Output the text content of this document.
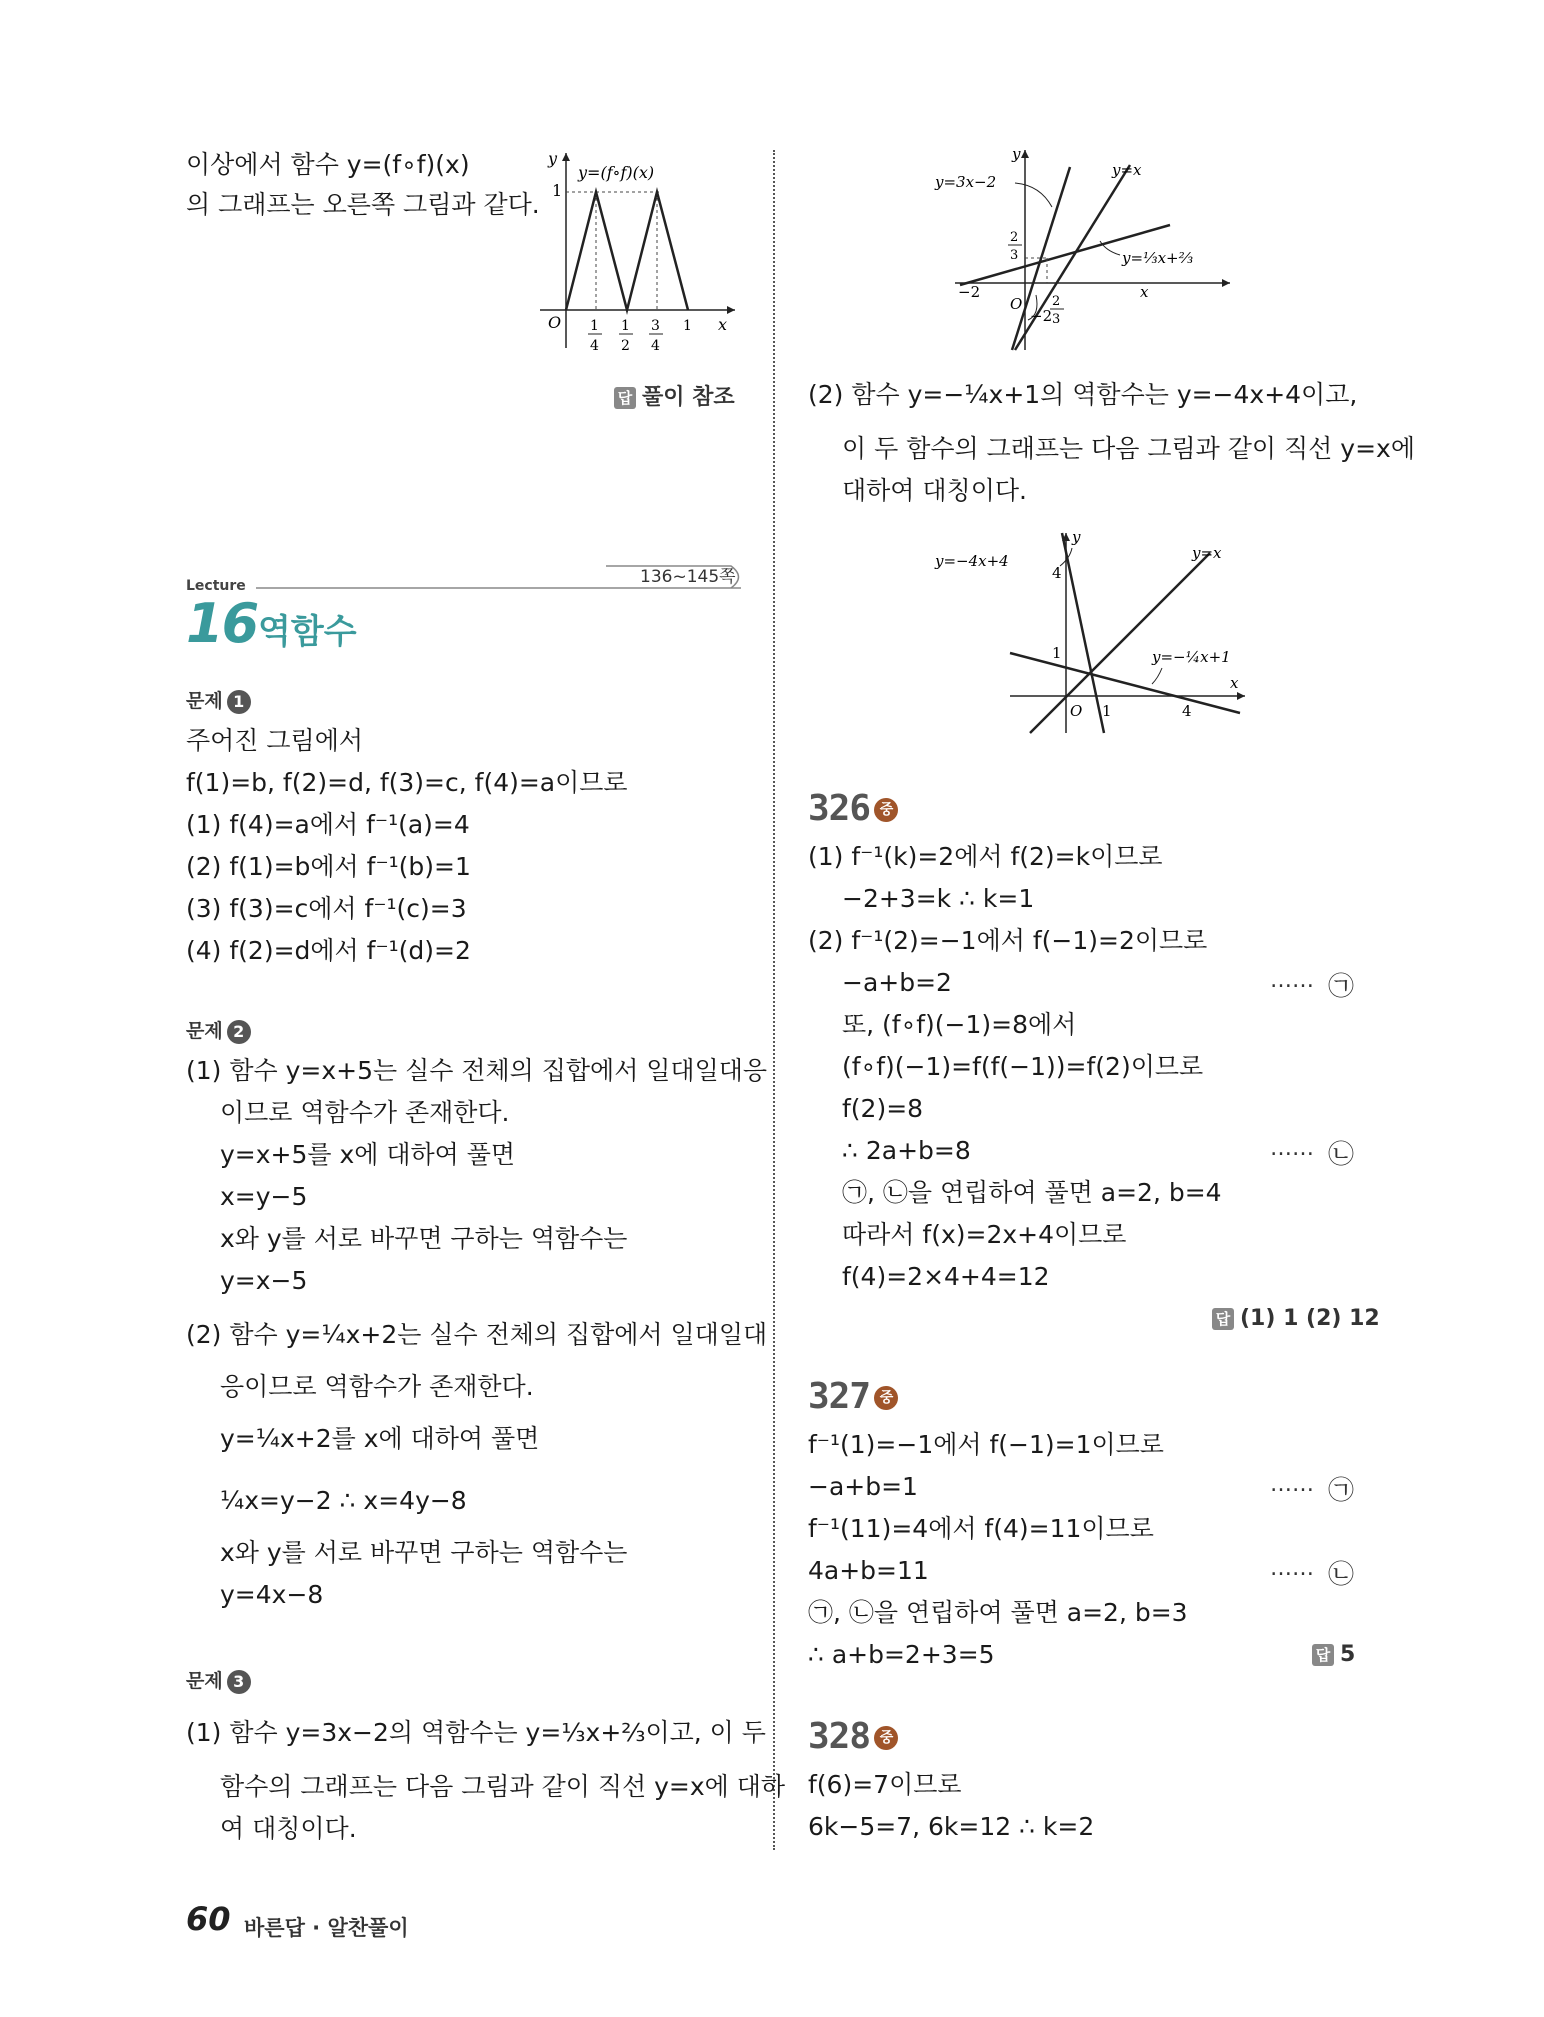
이상에서 함수 y=(f∘f)(x)
의 그래프는 오른쪽 그림과 같다.
y
x
O
1
y=(f∘f)(x)
1
4
1
2
3
4
1
답 풀이 참조
136~145쪽
Lecture
16 역함수
문제 1
주어진 그림에서
f(1)=b, f(2)=d, f(3)=c, f(4)=a이므로
(1) f(4)=a에서 f⁻¹(a)=4
(2) f(1)=b에서 f⁻¹(b)=1
(3) f(3)=c에서 f⁻¹(c)=3
(4) f(2)=d에서 f⁻¹(d)=2
문제 2
(1) 함수 y=x+5는 실수 전체의 집합에서 일대일대응
이므로 역함수가 존재한다.
y=x+5를 x에 대하여 풀면
x=y−5
x와 y를 서로 바꾸면 구하는 역함수는
y=x−5
(2) 함수 y=¼x+2는 실수 전체의 집합에서 일대일대
응이므로 역함수가 존재한다.
y=¼x+2를 x에 대하여 풀면
¼x=y−2 ∴ x=4y−8
x와 y를 서로 바꾸면 구하는 역함수는
y=4x−8
문제 3
(1) 함수 y=3x−2의 역함수는 y=⅓x+⅔이고, 이 두
함수의 그래프는 다음 그림과 같이 직선 y=x에 대하
여 대칭이다.
y
x
O
y=3x−2
y=x
y=⅓x+⅔
2
3
−2
−2
2
3
(2) 함수 y=−¼x+1의 역함수는 y=−4x+4이고,
이 두 함수의 그래프는 다음 그림과 같이 직선 y=x에
대하여 대칭이다.
y
x
O
y=−4x+4	y=x
y=−¼x+1
4
1
1	4
326 중
(1) f⁻¹(k)=2에서 f(2)=k이므로
−2+3=k ∴ k=1
(2) f⁻¹(2)=−1에서 f(−1)=2이므로
−a+b=2	…… ㉠
또, (f∘f)(−1)=8에서
(f∘f)(−1)=f(f(−1))=f(2)이므로
f(2)=8
∴ 2a+b=8	…… ㉡
㉠, ㉡을 연립하여 풀면 a=2, b=4
따라서 f(x)=2x+4이므로
f(4)=2×4+4=12
답 (1) 1 (2) 12
327 중
f⁻¹(1)=−1에서 f(−1)=1이므로
−a+b=1	…… ㉠
f⁻¹(11)=4에서 f(4)=11이므로
4a+b=11	…… ㉡
㉠, ㉡을 연립하여 풀면 a=2, b=3
∴ a+b=2+3=5	답 5
328 중
f(6)=7이므로
6k−5=7, 6k=12 ∴ k=2
60 바른답 · 알찬풀이
